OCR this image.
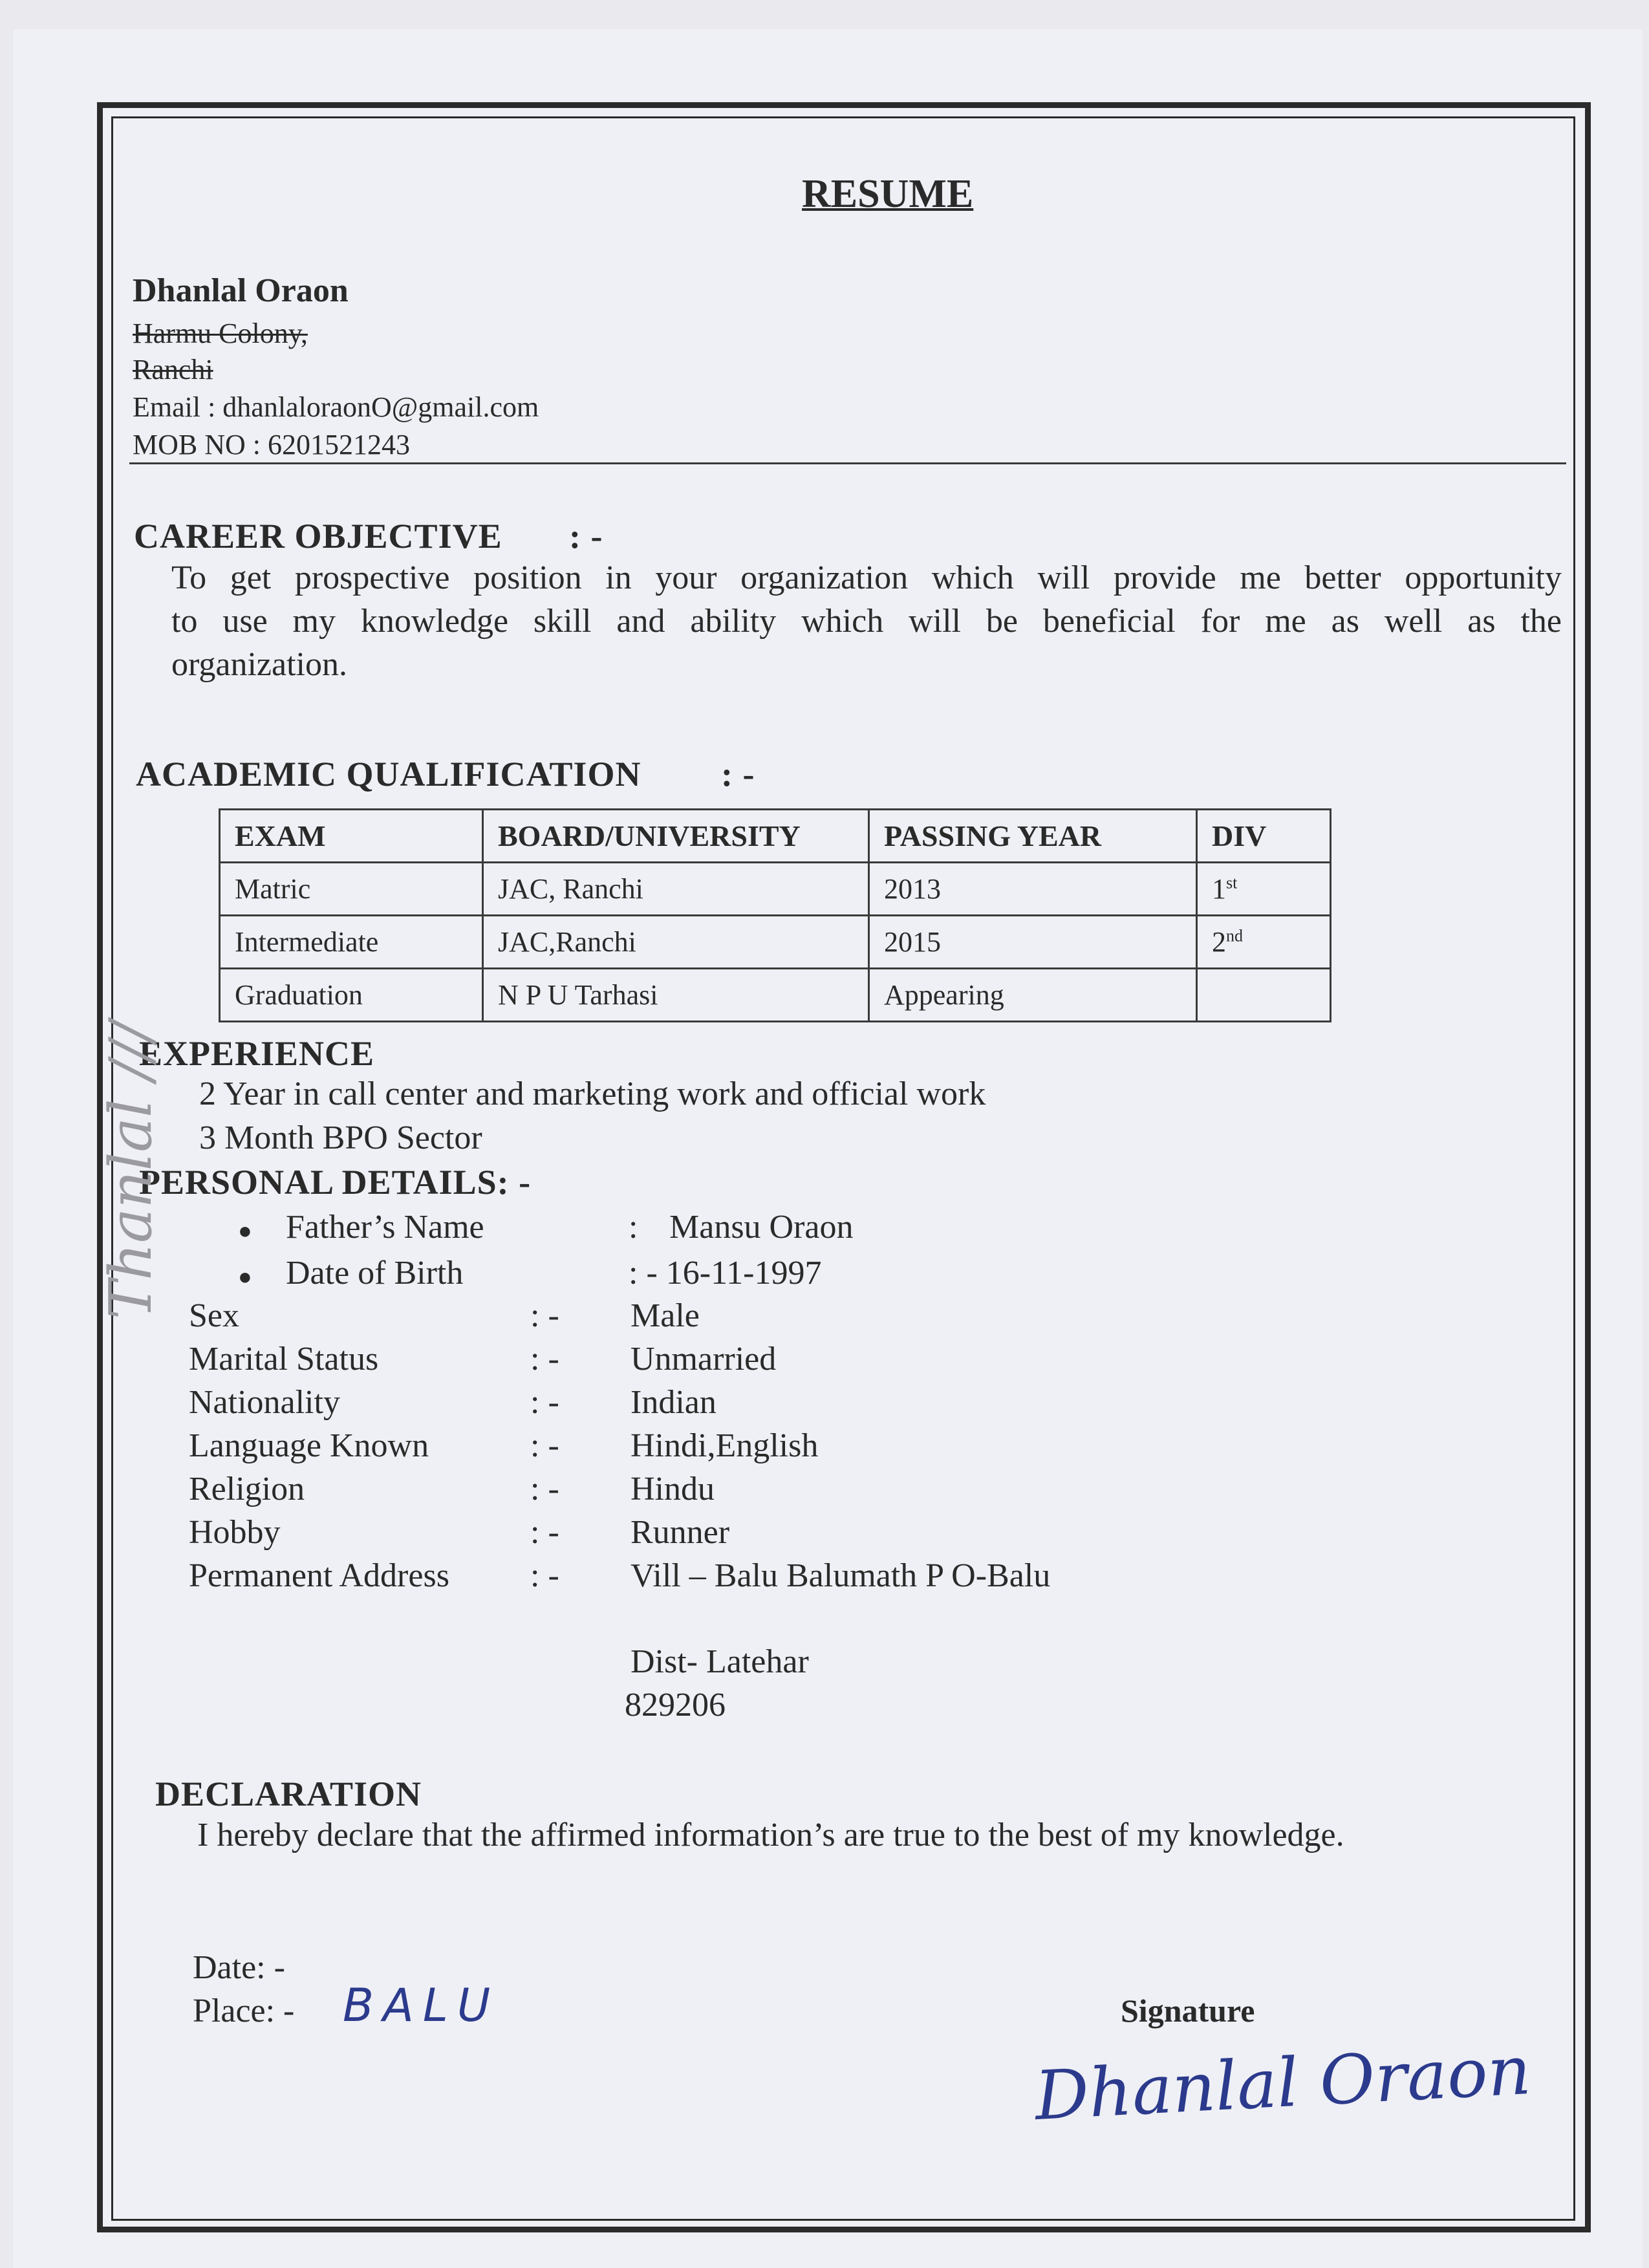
RESUME
Dhanlal Oraon
Harmu Colony,
Ranchi
Email : dhanlaloraonO@gmail.com
MOB NO : 6201521243
CAREER OBJECTIVE : -
To get prospective position in your organization which will provide me better opportunity
to use my knowledge skill and ability which will be beneficial for me as well as the
organization.
ACADEMIC QUALIFICATION : -
EXAM	BOARD/UNIVERSITY	PASSING YEAR	DIV
Matric	JAC, Ranchi	2013	1st
Intermediate	JAC,Ranchi	2015	2nd
Graduation	N P U Tarhasi	Appearing	
EXPERIENCE
2 Year in call center and marketing work and official work
3 Month BPO Sector
PERSONAL DETAILS: -
● Father’s Name	: Mansu Oraon
● Date of Birth	: - 16-11-1997
Sex	: - Male
Marital Status	: - Unmarried
Nationality	: - Indian
Language Known	: - Hindi,English
Religion	: - Hindu
Hobby	: - Runner
Permanent Address : - Vill – Balu Balumath P O-Balu
Dist- Latehar
829206
Thanlal ///
DECLARATION
I hereby declare that the affirmed information’s are true to the best of my knowledge.
Date: -
Place: - BALU	Signature
Dhanlal Oraon
